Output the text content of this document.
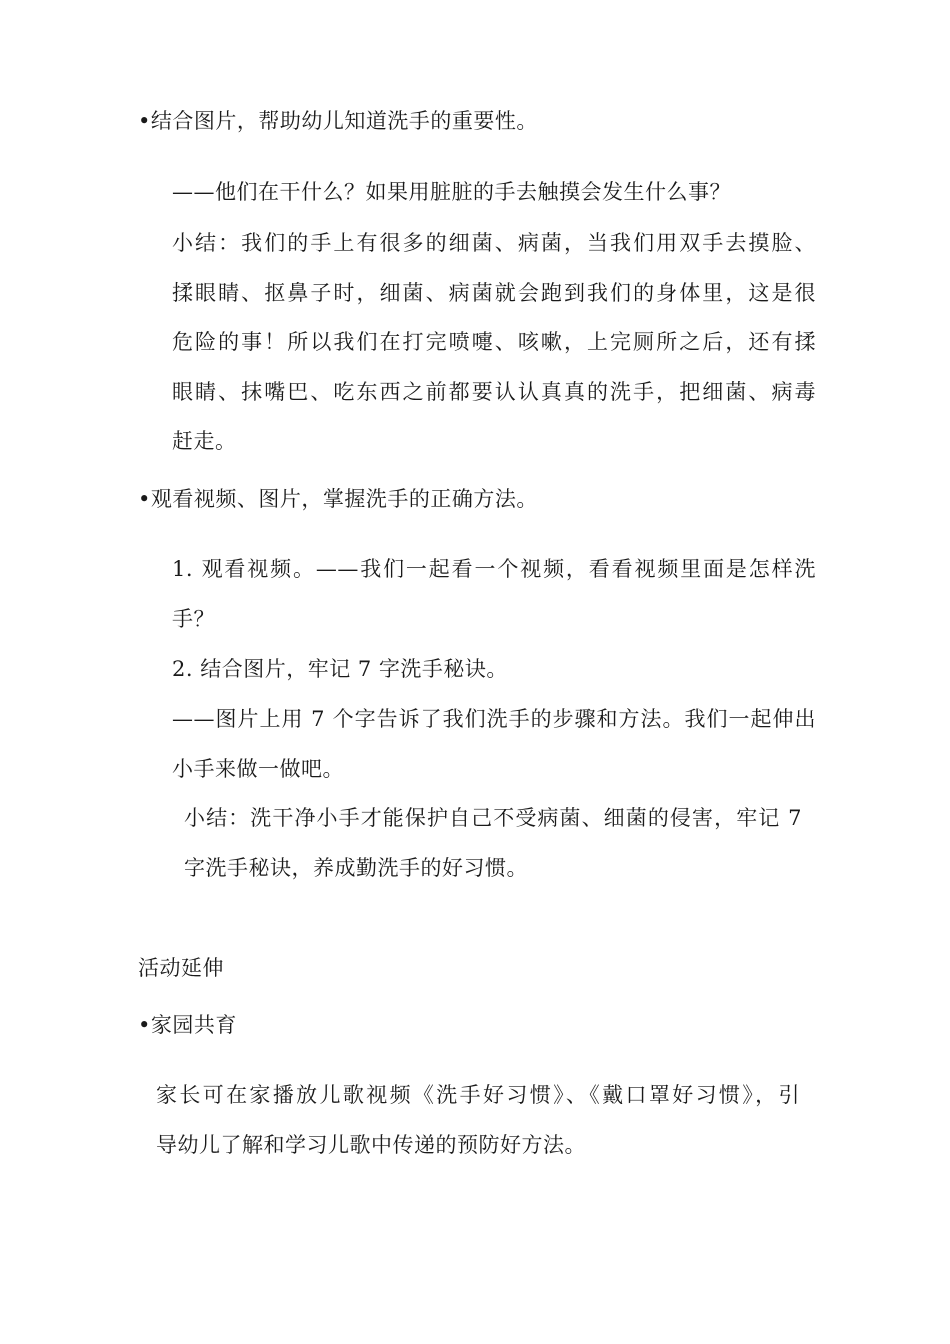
•结合图片，帮助幼儿知道洗手的重要性。
——他们在干什么？如果用脏脏的手去触摸会发生什么事？
小结：我们的手上有很多的细菌、病菌，当我们用双手去摸脸、
揉眼睛、抠鼻子时，细菌、病菌就会跑到我们的身体里，这是很
危险的事！所以我们在打完喷嚏、咳嗽，上完厕所之后，还有揉
眼睛、抹嘴巴、吃东西之前都要认认真真的洗手，把细菌、病毒
赶走。
•观看视频、图片，掌握洗手的正确方法。
1. 观看视频。——我们一起看一个视频，看看视频里面是怎样洗
手？
2. 结合图片，牢记 7 字洗手秘诀。
——图片上用 7 个字告诉了我们洗手的步骤和方法。我们一起伸出
小手来做一做吧。
小结：洗干净小手才能保护自己不受病菌、细菌的侵害，牢记 7
字洗手秘诀，养成勤洗手的好习惯。
活动延伸
•家园共育
家长可在家播放儿歌视频《洗手好习惯》、《戴口罩好习惯》，引
导幼儿了解和学习儿歌中传递的预防好方法。
